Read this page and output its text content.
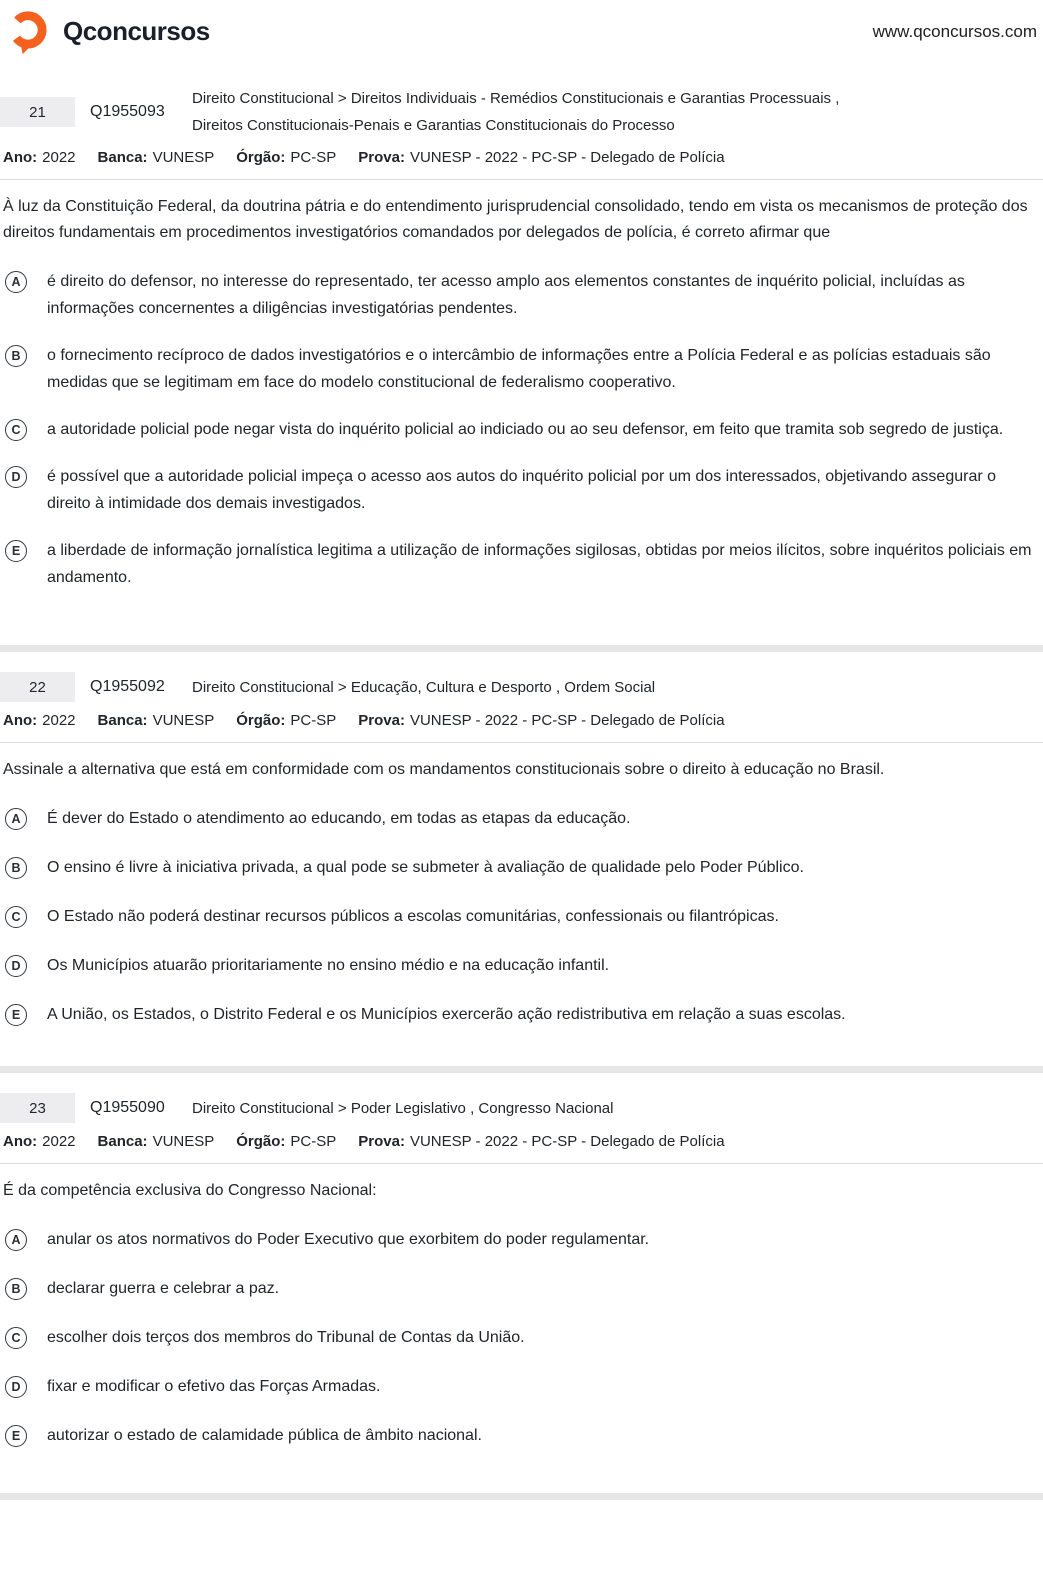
Qconcursos	www.qconcursos.com
21	Q1955093
Direito Constitucional > Direitos Individuais - Remédios Constitucionais e Garantias Processuais ,
Direitos Constitucionais-Penais e Garantias Constitucionais do Processo
Ano: 2022 Banca: VUNESP Órgão: PC-SP Prova: VUNESP - 2022 - PC-SP - Delegado de Polícia

À luz da Constituição Federal, da doutrina pátria e do entendimento jurisprudencial consolidado, tendo em vista os mecanismos de proteção dos direitos fundamentais em procedimentos investigatórios comandados por delegados de polícia, é correto afirmar que

A	é direito do defensor, no interesse do representado, ter acesso amplo aos elementos constantes de inquérito policial, incluídas as informações concernentes a diligências investigatórias pendentes.
B	o fornecimento recíproco de dados investigatórios e o intercâmbio de informações entre a Polícia Federal e as polícias estaduais são medidas que se legitimam em face do modelo constitucional de federalismo cooperativo.
C	a autoridade policial pode negar vista do inquérito policial ao indiciado ou ao seu defensor, em feito que tramita sob segredo de justiça.
D	é possível que a autoridade policial impeça o acesso aos autos do inquérito policial por um dos interessados, objetivando assegurar o direito à intimidade dos demais investigados.
E	a liberdade de informação jornalística legitima a utilização de informações sigilosas, obtidas por meios ilícitos, sobre inquéritos policiais em andamento.
22	Q1955092	Direito Constitucional > Educação, Cultura e Desporto , Ordem Social
Ano: 2022 Banca: VUNESP Órgão: PC-SP Prova: VUNESP - 2022 - PC-SP - Delegado de Polícia

Assinale a alternativa que está em conformidade com os mandamentos constitucionais sobre o direito à educação no Brasil.

A	É dever do Estado o atendimento ao educando, em todas as etapas da educação.
B	O ensino é livre à iniciativa privada, a qual pode se submeter à avaliação de qualidade pelo Poder Público.
C	O Estado não poderá destinar recursos públicos a escolas comunitárias, confessionais ou filantrópicas.
D	Os Municípios atuarão prioritariamente no ensino médio e na educação infantil.
E	A União, os Estados, o Distrito Federal e os Municípios exercerão ação redistributiva em relação a suas escolas.
23	Q1955090	Direito Constitucional > Poder Legislativo , Congresso Nacional
Ano: 2022 Banca: VUNESP Órgão: PC-SP Prova: VUNESP - 2022 - PC-SP - Delegado de Polícia

É da competência exclusiva do Congresso Nacional:

A	anular os atos normativos do Poder Executivo que exorbitem do poder regulamentar.
B	declarar guerra e celebrar a paz.
C	escolher dois terços dos membros do Tribunal de Contas da União.
D	fixar e modificar o efetivo das Forças Armadas.
E	autorizar o estado de calamidade pública de âmbito nacional.
